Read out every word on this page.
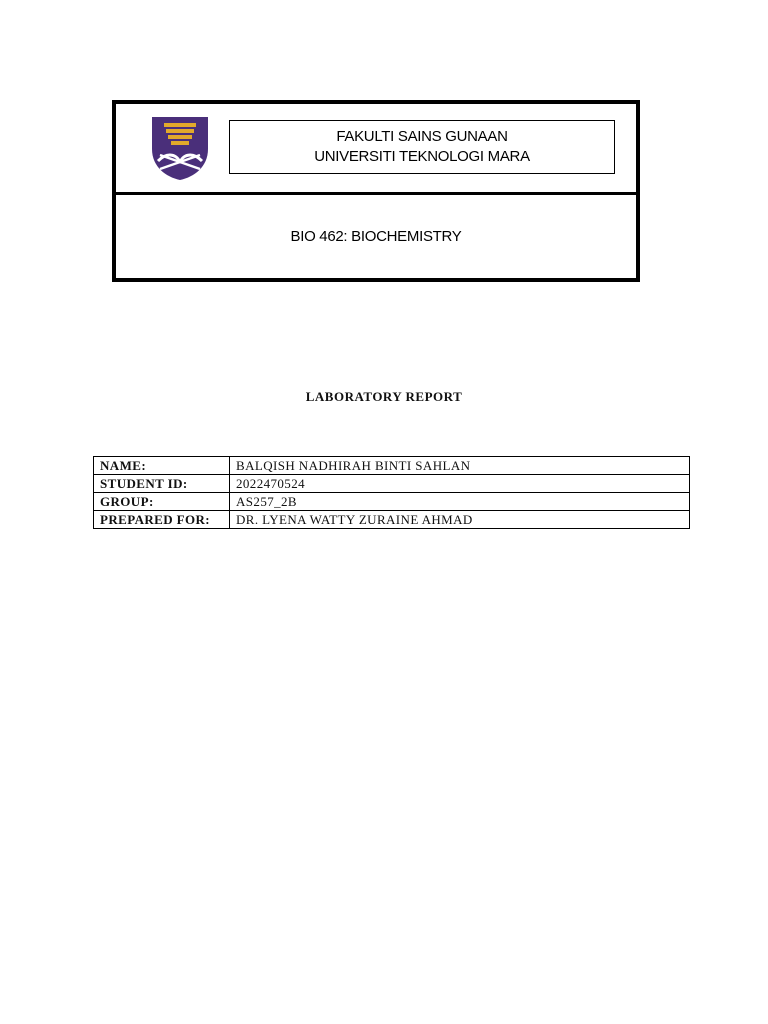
FAKULTI SAINS GUNAAN
UNIVERSITI TEKNOLOGI MARA
BIO 462: BIOCHEMISTRY
LABORATORY REPORT
NAME:	BALQISH NADHIRAH BINTI SAHLAN
STUDENT ID:	2022470524
GROUP:	AS257_2B
PREPARED FOR:	DR. LYENA WATTY ZURAINE AHMAD
